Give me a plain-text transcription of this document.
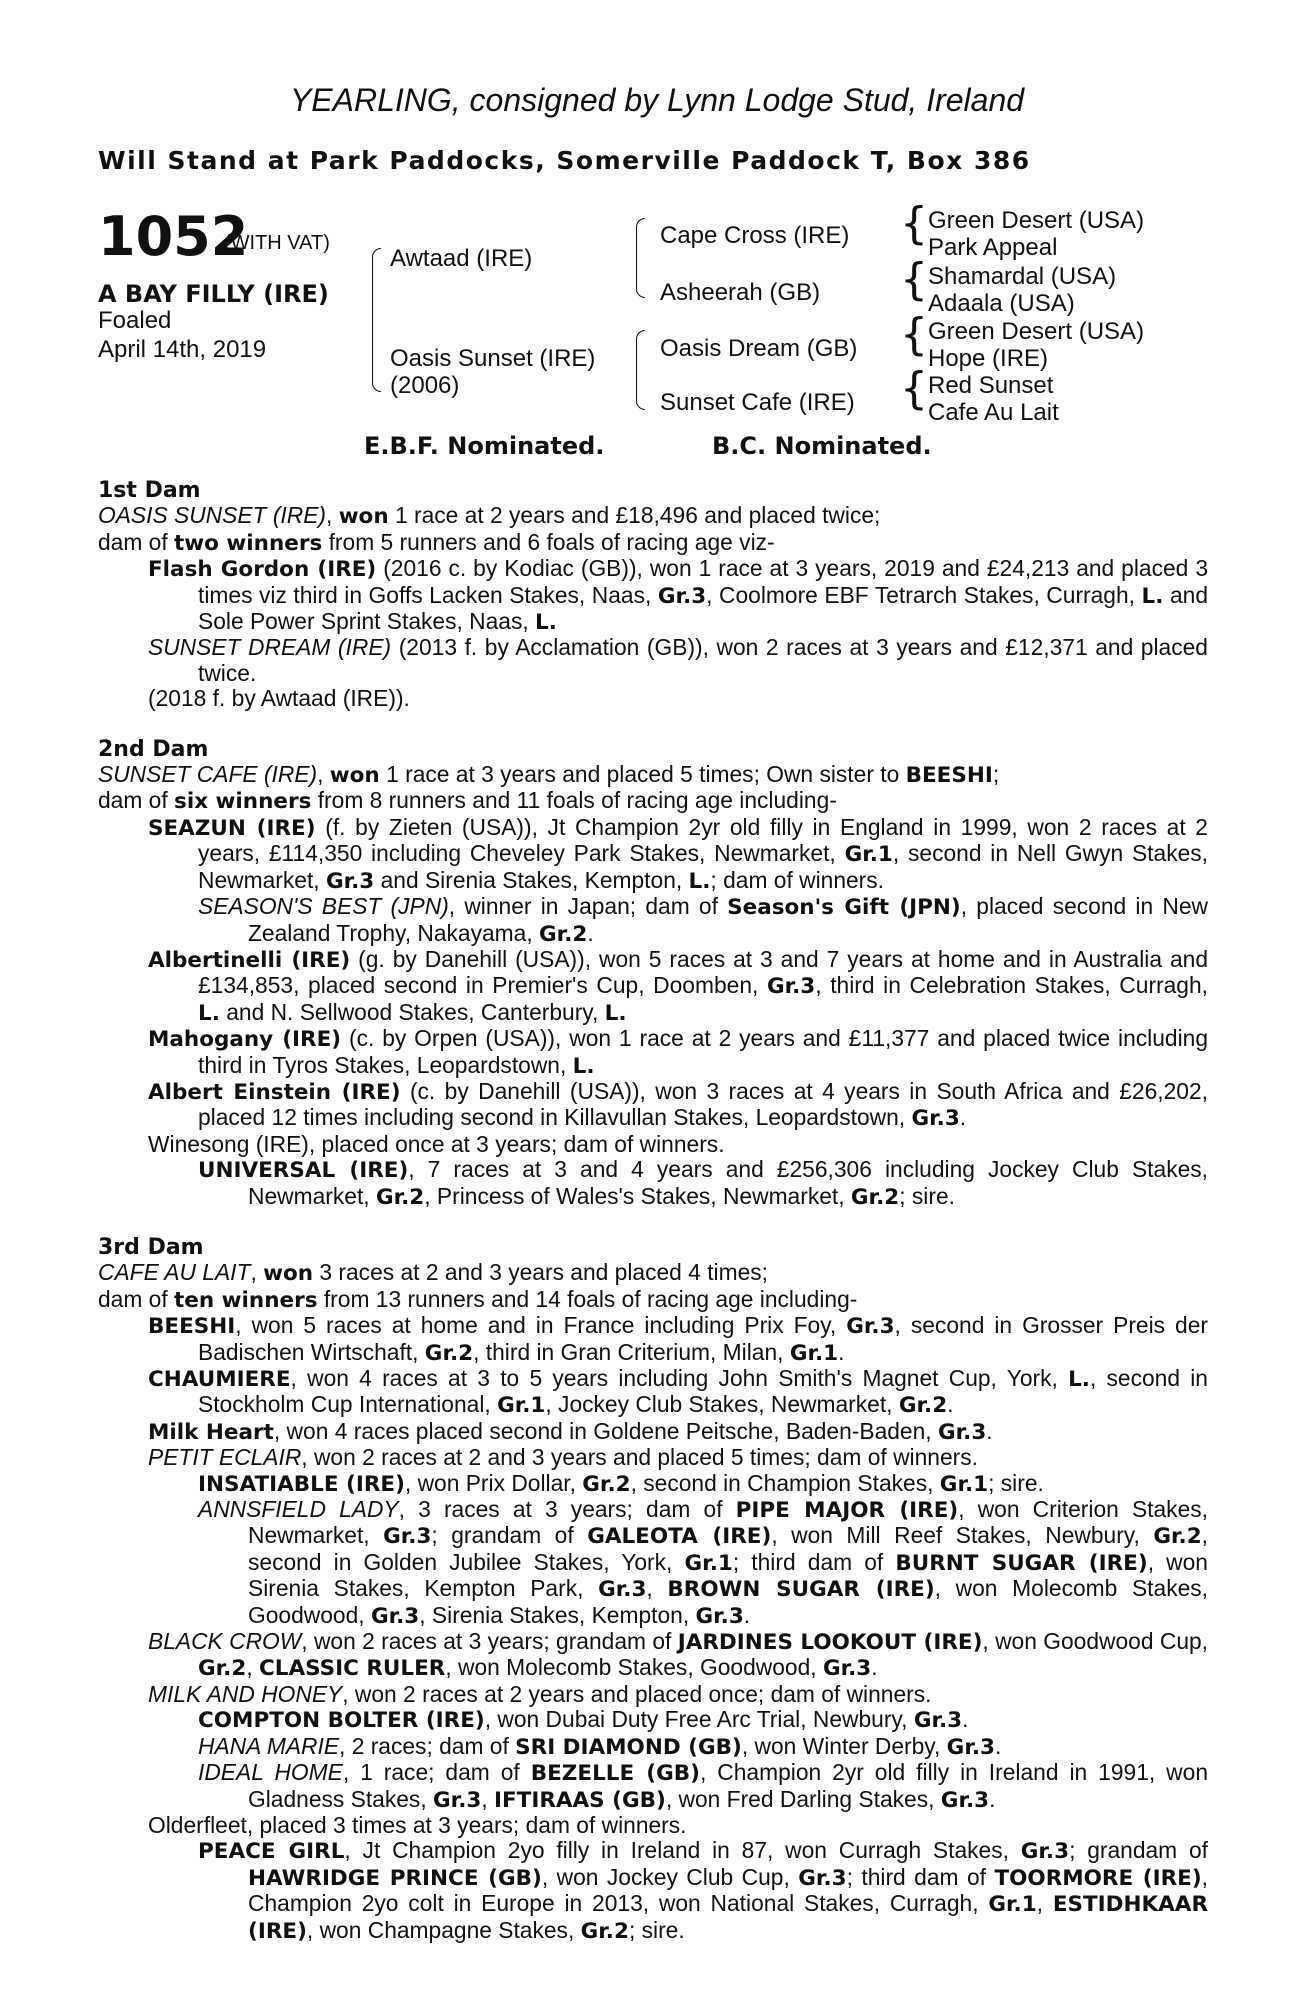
YEARLING, consigned by Lynn Lodge Stud, Ireland
Will Stand at Park Paddocks, Somerville Paddock T, Box 386
1052
(WITH VAT)
A BAY FILLY (IRE)
Foaled
April 14th, 2019
Awtaad (IRE)
Oasis Sunset (IRE)
(2006)
Cape Cross (IRE)
Asheerah (GB)
Oasis Dream (GB)
Sunset Cafe (IRE)
{ Green Desert (USA)
Park Appeal
{ Shamardal (USA)
Adaala (USA)
{ Green Desert (USA)
Hope (IRE)
{ Red Sunset
Cafe Au Lait
E.B.F. Nominated.	B.C. Nominated.
1st Dam
OASIS SUNSET (IRE), won 1 race at 2 years and £18,496 and placed twice;
dam of two winners from 5 runners and 6 foals of racing age viz-
Flash Gordon (IRE) (2016 c. by Kodiac (GB)), won 1 race at 3 years, 2019 and £24,213 and placed 3 times viz third in Goffs Lacken Stakes, Naas, Gr.3, Coolmore EBF Tetrarch Stakes, Curragh, L. and Sole Power Sprint Stakes, Naas, L.
SUNSET DREAM (IRE) (2013 f. by Acclamation (GB)), won 2 races at 3 years and £12,371 and placed twice.
(2018 f. by Awtaad (IRE)).
2nd Dam
SUNSET CAFE (IRE), won 1 race at 3 years and placed 5 times; Own sister to BEESHI;
dam of six winners from 8 runners and 11 foals of racing age including-
SEAZUN (IRE) (f. by Zieten (USA)), Jt Champion 2yr old filly in England in 1999, won 2 races at 2 years, £114,350 including Cheveley Park Stakes, Newmarket, Gr.1, second in Nell Gwyn Stakes, Newmarket, Gr.3 and Sirenia Stakes, Kempton, L.; dam of winners.
SEASON'S BEST (JPN), winner in Japan; dam of Season's Gift (JPN), placed second in New Zealand Trophy, Nakayama, Gr.2.
Albertinelli (IRE) (g. by Danehill (USA)), won 5 races at 3 and 7 years at home and in Australia and £134,853, placed second in Premier's Cup, Doomben, Gr.3, third in Celebration Stakes, Curragh, L. and N. Sellwood Stakes, Canterbury, L.
Mahogany (IRE) (c. by Orpen (USA)), won 1 race at 2 years and £11,377 and placed twice including third in Tyros Stakes, Leopardstown, L.
Albert Einstein (IRE) (c. by Danehill (USA)), won 3 races at 4 years in South Africa and £26,202, placed 12 times including second in Killavullan Stakes, Leopardstown, Gr.3.
Winesong (IRE), placed once at 3 years; dam of winners.
UNIVERSAL (IRE), 7 races at 3 and 4 years and £256,306 including Jockey Club Stakes, Newmarket, Gr.2, Princess of Wales's Stakes, Newmarket, Gr.2; sire.
3rd Dam
CAFE AU LAIT, won 3 races at 2 and 3 years and placed 4 times;
dam of ten winners from 13 runners and 14 foals of racing age including-
BEESHI, won 5 races at home and in France including Prix Foy, Gr.3, second in Grosser Preis der Badischen Wirtschaft, Gr.2, third in Gran Criterium, Milan, Gr.1.
CHAUMIERE, won 4 races at 3 to 5 years including John Smith's Magnet Cup, York, L., second in Stockholm Cup International, Gr.1, Jockey Club Stakes, Newmarket, Gr.2.
Milk Heart, won 4 races placed second in Goldene Peitsche, Baden-Baden, Gr.3.
PETIT ECLAIR, won 2 races at 2 and 3 years and placed 5 times; dam of winners.
INSATIABLE (IRE), won Prix Dollar, Gr.2, second in Champion Stakes, Gr.1; sire.
ANNSFIELD LADY, 3 races at 3 years; dam of PIPE MAJOR (IRE), won Criterion Stakes, Newmarket, Gr.3; grandam of GALEOTA (IRE), won Mill Reef Stakes, Newbury, Gr.2, second in Golden Jubilee Stakes, York, Gr.1; third dam of BURNT SUGAR (IRE), won Sirenia Stakes, Kempton Park, Gr.3, BROWN SUGAR (IRE), won Molecomb Stakes, Goodwood, Gr.3, Sirenia Stakes, Kempton, Gr.3.
BLACK CROW, won 2 races at 3 years; grandam of JARDINES LOOKOUT (IRE), won Goodwood Cup, Gr.2, CLASSIC RULER, won Molecomb Stakes, Goodwood, Gr.3.
MILK AND HONEY, won 2 races at 2 years and placed once; dam of winners.
COMPTON BOLTER (IRE), won Dubai Duty Free Arc Trial, Newbury, Gr.3.
HANA MARIE, 2 races; dam of SRI DIAMOND (GB), won Winter Derby, Gr.3.
IDEAL HOME, 1 race; dam of BEZELLE (GB), Champion 2yr old filly in Ireland in 1991, won Gladness Stakes, Gr.3, IFTIRAAS (GB), won Fred Darling Stakes, Gr.3.
Olderfleet, placed 3 times at 3 years; dam of winners.
PEACE GIRL, Jt Champion 2yo filly in Ireland in 87, won Curragh Stakes, Gr.3; grandam of HAWRIDGE PRINCE (GB), won Jockey Club Cup, Gr.3; third dam of TOORMORE (IRE), Champion 2yo colt in Europe in 2013, won National Stakes, Curragh, Gr.1, ESTIDHKAAR (IRE), won Champagne Stakes, Gr.2; sire.
